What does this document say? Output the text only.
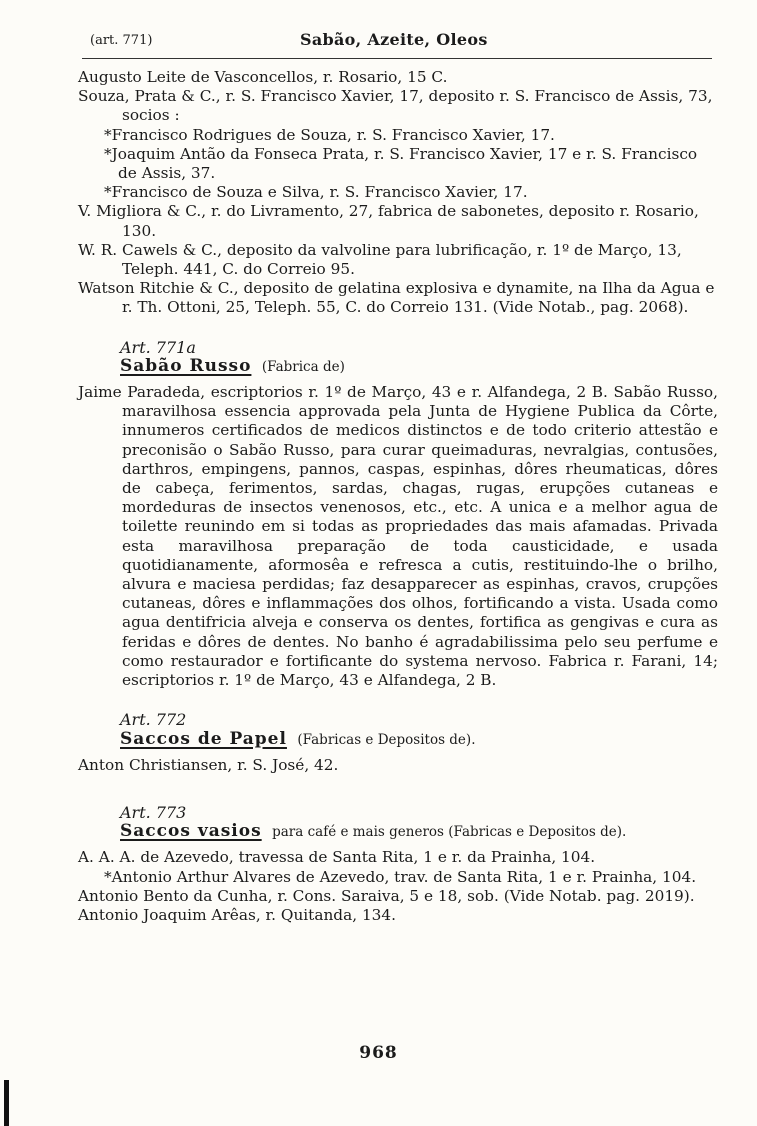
(art. 771)	Sabão, Azeite, Oleos

Augusto Leite de Vasconcellos, r. Rosario, 15 C.

Souza, Prata & C., r. S. Francisco Xavier, 17, deposito r. S. Francisco de Assis, 73, socios :

*Francisco Rodrigues de Souza, r. S. Francisco Xavier, 17.

*Joaquim Antão da Fonseca Prata, r. S. Francisco Xavier, 17 e r. S. Francisco de Assis, 37.

*Francisco de Souza e Silva, r. S. Francisco Xavier, 17.

V. Migliora & C., r. do Livramento, 27, fabrica de sabonetes, deposito r. Rosario, 130.

W. R. Cawels & C., deposito da valvoline para lubrificação, r. 1º de Março, 13, Teleph. 441, C. do Correio 95.

Watson Ritchie & C., deposito de gelatina explosiva e dynamite, na Ilha da Agua e r. Th. Ottoni, 25, Teleph. 55, C. do Correio 131. (Vide Notab., pag. 2068).

Art. 771a
Sabão Russo (Fabrica de)

Jaime Paradeda, escriptorios r. 1º de Março, 43 e r. Alfandega, 2 B. Sabão Russo, maravilhosa essencia approvada pela Junta de Hygiene Publica da Côrte, innumeros certificados de medicos distinctos e de todo criterio attestão e preconisão o Sabão Russo, para curar queimaduras, nevralgias, contusões, darthros, empingens, pannos, caspas, espinhas, dôres rheumaticas, dôres de cabeça, ferimentos, sardas, chagas, rugas, erupções cutaneas e mordeduras de insectos venenosos, etc., etc. A unica e a melhor agua de toilette reunindo em si todas as propriedades das mais afamadas. Privada esta maravilhosa preparação de toda causticidade, e usada quotidianamente, aformosêa e refresca a cutis, restituindo-lhe o brilho, alvura e maciesa perdidas; faz desapparecer as espinhas, cravos, crupções cutaneas, dôres e inflammações dos olhos, fortificando a vista. Usada como agua dentifricia alveja e conserva os dentes, fortifica as gengivas e cura as feridas e dôres de dentes. No banho é agradabilissima pelo seu perfume e como restaurador e fortificante do systema nervoso. Fabrica r. Farani, 14; escriptorios r. 1º de Março, 43 e Alfandega, 2 B.

Art. 772
Saccos de Papel (Fabricas e Depositos de).

Anton Christiansen, r. S. José, 42.

Art. 773
Saccos vasios para café e mais generos (Fabricas e Depositos de).

A. A. A. de Azevedo, travessa de Santa Rita, 1 e r. da Prainha, 104.

*Antonio Arthur Alvares de Azevedo, trav. de Santa Rita, 1 e r. Prainha, 104.

Antonio Bento da Cunha, r. Cons. Saraiva, 5 e 18, sob. (Vide Notab. pag. 2019).

Antonio Joaquim Arêas, r. Quitanda, 134.

968
